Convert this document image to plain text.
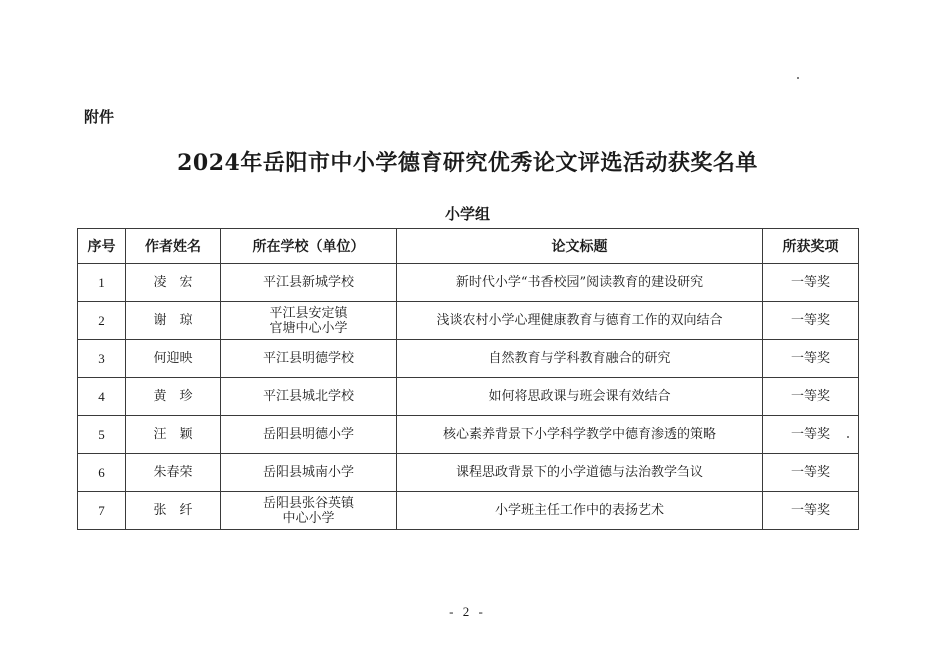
附件
2024年岳阳市中小学德育研究优秀论文评选活动获奖名单
小学组
序号	作者姓名	所在学校（单位）	论文标题	所获奖项
1	凌　宏	平江县新城学校	新时代小学“书香校园”阅读教育的建设研究	一等奖
2	谢　琼	平江县安定镇
官塘中心小学	浅谈农村小学心理健康教育与德育工作的双向结合	一等奖
3	何迎映	平江县明德学校	自然教育与学科教育融合的研究	一等奖
4	黄　珍	平江县城北学校	如何将思政课与班会课有效结合	一等奖
5	汪　颖	岳阳县明德小学	核心素养背景下小学科学教学中德育渗透的策略	一等奖
6	朱春荣	岳阳县城南小学	课程思政背景下的小学道德与法治教学刍议	一等奖
7	张　纤	岳阳县张谷英镇
中心小学	小学班主任工作中的表扬艺术	一等奖
- 2 -
